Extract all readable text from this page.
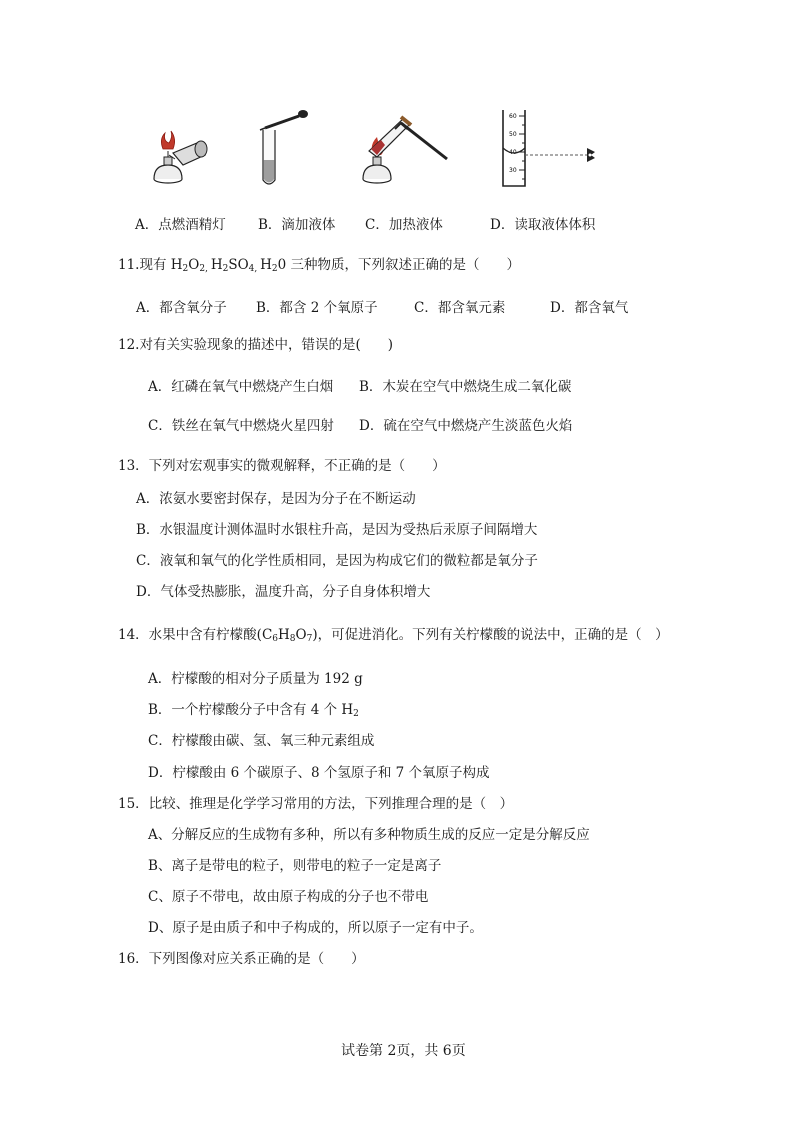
60
50
40
30
A．点燃酒精灯 B．滴加液体 C．加热液体	D．读取液体体积
11.现有 $H_2O_{2,}$ $H_2SO_{4,}$ $H_20$ 三种物质，下列叙述正确的是（　　）
A．都含氧分子 B．都含 2 个氧原子	C．都含氧元素	D．都含氧气
12.对有关实验现象的描述中，错误的是(　　)
A．红磷在氧气中燃烧产生白烟 B．木炭在空气中燃烧生成二氧化碳
C．铁丝在氧气中燃烧火星四射 D．硫在空气中燃烧产生淡蓝色火焰
13．下列对宏观事实的微观解释，不正确的是（　　）
A．浓氨水要密封保存，是因为分子在不断运动
B．水银温度计测体温时水银柱升高，是因为受热后汞原子间隔增大
C．液氧和氧气的化学性质相同，是因为构成它们的微粒都是氧分子
D．气体受热膨胀，温度升高，分子自身体积增大
14．水果中含有柠檬酸$(C_6H_8O_7)$，可促进消化。下列有关柠檬酸的说法中，正确的是（　）
A．柠檬酸的相对分子质量为 192 g
B．一个柠檬酸分子中含有 4 个 $H_2$
C．柠檬酸由碳、氢、氧三种元素组成
D．柠檬酸由 6 个碳原子、8 个氢原子和 7 个氧原子构成
15．比较、推理是化学学习常用的方法，下列推理合理的是（　）
A、分解反应的生成物有多种，所以有多种物质生成的反应一定是分解反应
B、离子是带电的粒子，则带电的粒子一定是离子
C、原子不带电，故由原子构成的分子也不带电
D、原子是由质子和中子构成的，所以原子一定有中子。
16．下列图像对应关系正确的是（　　）
试卷第 2页，共 6页
